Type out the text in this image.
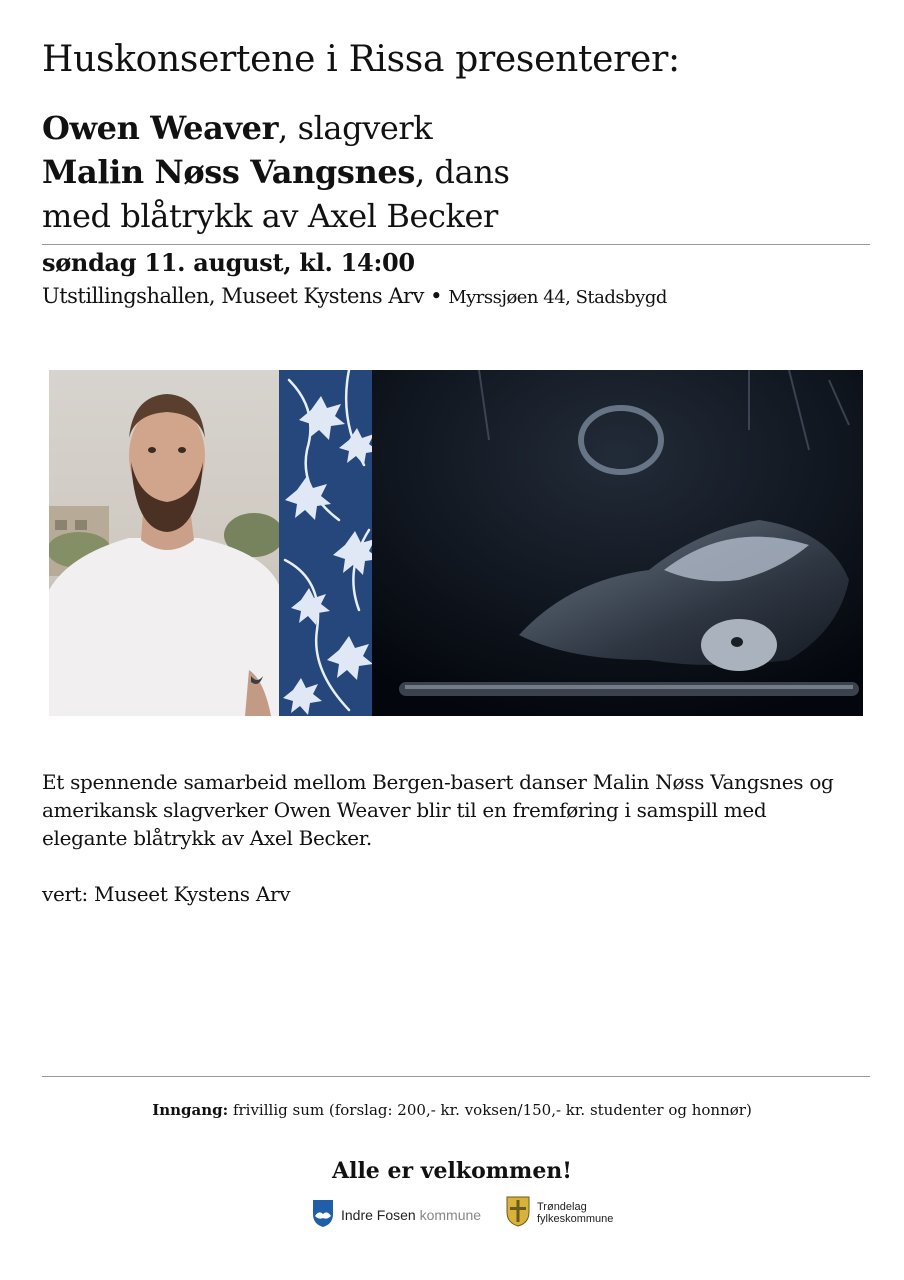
Huskonsertene i Rissa presenterer:
Owen Weaver, slagverk
Malin Nøss Vangsnes, dans
med blåtrykk av Axel Becker
søndag 11. august, kl. 14:00
Utstillingshallen, Museet Kystens Arv • Myrssjøen 44, Stadsbygd
Et spennende samarbeid mellom Bergen-basert danser Malin Nøss Vangsnes og amerikansk slagverker Owen Weaver blir til en fremføring i samspill med elegante blåtrykk av Axel Becker.
vert: Museet Kystens Arv
Inngang: frivillig sum (forslag: 200,- kr. voksen/150,- kr. studenter og honnør)
Alle er velkommen!
Indre Fosen kommune	Trøndelag
fylkeskommune
